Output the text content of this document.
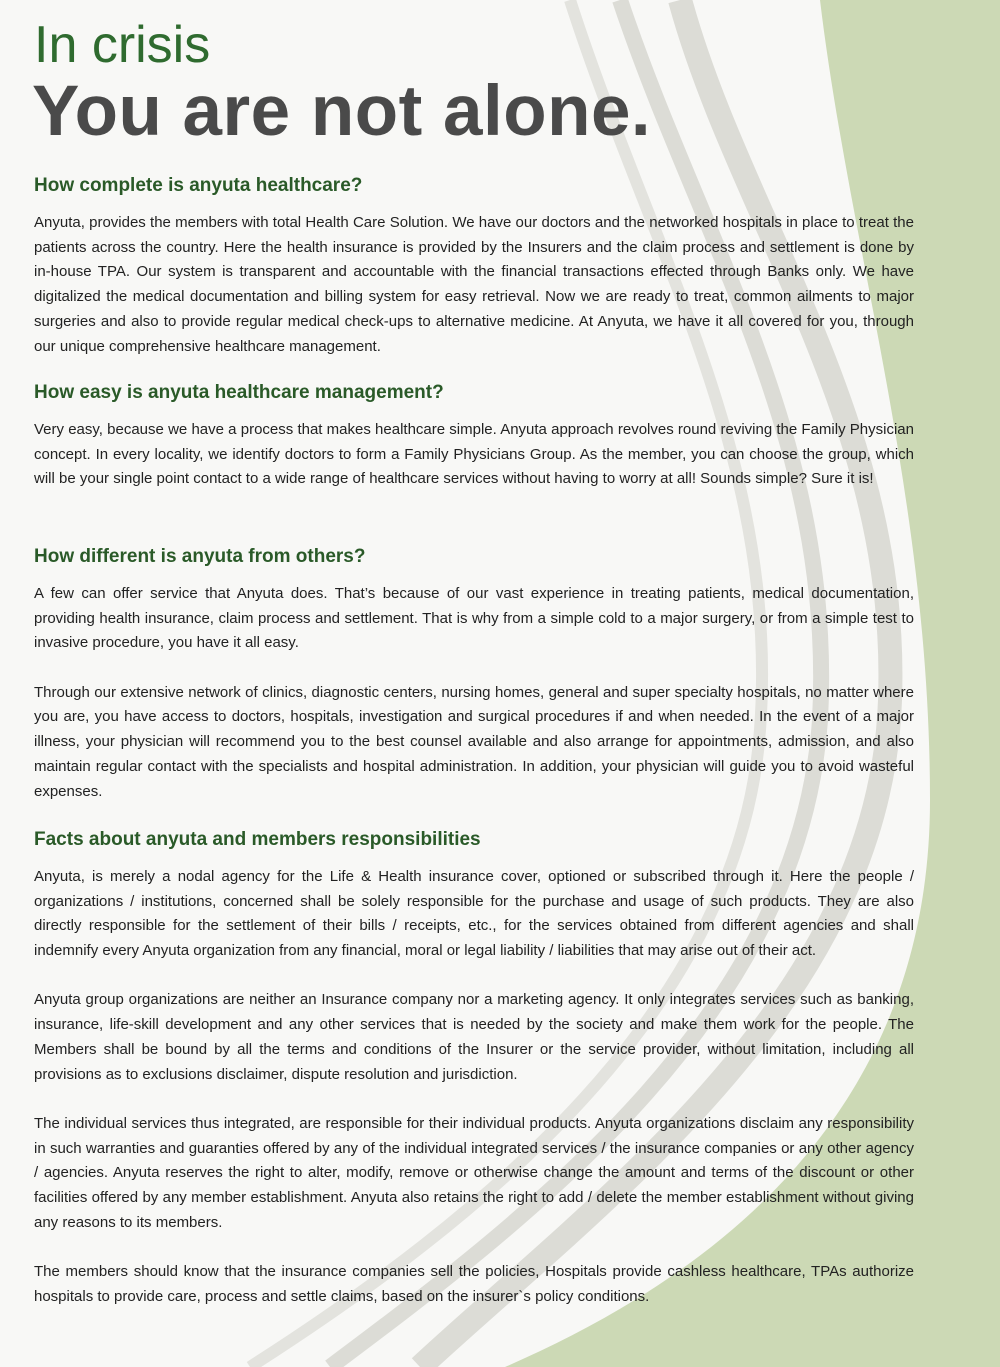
In crisis
You are not alone.
How complete is anyuta healthcare?

Anyuta, provides the members with total Health Care Solution. We have our doctors and the networked hospitals in place to treat the patients across the country. Here the health insurance is provided by the Insurers and the claim process and settlement is done by in-house TPA. Our system is transparent and accountable with the financial transactions effected through Banks only. We have digitalized the medical documentation and billing system for easy retrieval. Now we are ready to treat, common ailments to major surgeries and also to provide regular medical check-ups to alternative medicine. At Anyuta, we have it all covered for you, through our unique comprehensive healthcare management.

How easy is anyuta healthcare management?

Very easy, because we have a process that makes healthcare simple. Anyuta approach revolves round reviving the Family Physician concept. In every locality, we identify doctors to form a Family Physicians Group. As the member, you can choose the group, which will be your single point contact to a wide range of healthcare services without having to worry at all! Sounds simple? Sure it is!

How different is anyuta from others?

A few can offer service that Anyuta does. That’s because of our vast experience in treating patients, medical documentation, providing health insurance, claim process and settlement. That is why from a simple cold to a major surgery, or from a simple test to invasive procedure, you have it all easy.

Through our extensive network of clinics, diagnostic centers, nursing homes, general and super specialty hospitals, no matter where you are, you have access to doctors, hospitals, investigation and surgical procedures if and when needed. In the event of a major illness, your physician will recommend you to the best counsel available and also arrange for appointments, admission, and also maintain regular contact with the specialists and hospital administration. In addition, your physician will guide you to avoid wasteful expenses.

Facts about anyuta and members responsibilities

Anyuta, is merely a nodal agency for the Life & Health insurance cover, optioned or subscribed through it. Here the people / organizations / institutions, concerned shall be solely responsible for the purchase and usage of such products. They are also directly responsible for the settlement of their bills / receipts, etc., for the services obtained from different agencies and shall indemnify every Anyuta organization from any financial, moral or legal liability / liabilities that may arise out of their act.

Anyuta group organizations are neither an Insurance company nor a marketing agency. It only integrates services such as banking, insurance, life-skill development and any other services that is needed by the society and make them work for the people. The Members shall be bound by all the terms and conditions of the Insurer or the service provider, without limitation, including all provisions as to exclusions disclaimer, dispute resolution and jurisdiction.

The individual services thus integrated, are responsible for their individual products. Anyuta organizations disclaim any responsibility in such warranties and guaranties offered by any of the individual integrated services / the insurance companies or any other agency / agencies. Anyuta reserves the right to alter, modify, remove or otherwise change the amount and terms of the discount or other facilities offered by any member establishment. Anyuta also retains the right to add / delete the member establishment without giving any reasons to its members.

The members should know that the insurance companies sell the policies, Hospitals provide cashless healthcare, TPAs authorize hospitals to provide care, process and settle claims, based on the insurer`s policy conditions.
